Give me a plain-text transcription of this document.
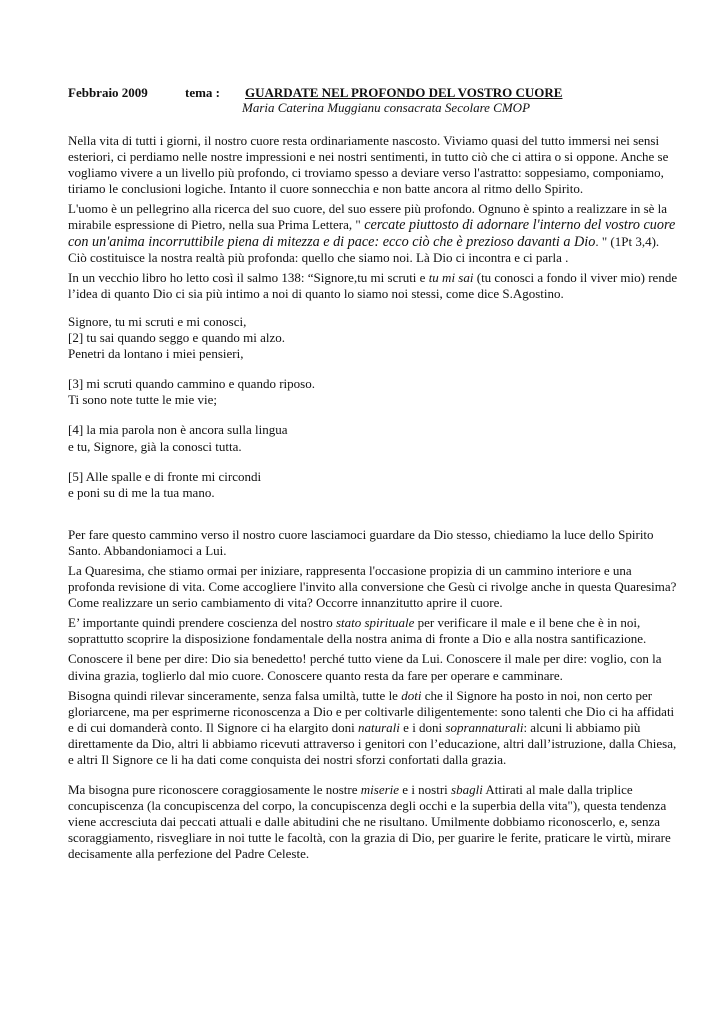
Febbraio 2009	tema : GUARDATE NEL PROFONDO DEL VOSTRO CUORE
Maria Caterina Muggianu consacrata Secolare CMOP

Nella vita di tutti i giorni, il nostro cuore resta ordinariamente nascosto. Viviamo quasi del tutto immersi nei sensi esteriori, ci perdiamo nelle nostre impressioni e nei nostri sentimenti, in tutto ciò che ci attira o si oppone. Anche se vogliamo vivere a un livello più profondo, ci troviamo spesso a deviare verso l'astratto: soppesiamo, componiamo, tiriamo le conclusioni logiche. Intanto il cuore sonnecchia e non batte ancora al ritmo dello Spirito.

L'uomo è un pellegrino alla ricerca del suo cuore, del suo essere più profondo. Ognuno è spinto a realizzare in sè la mirabile espressione di Pietro, nella sua Prima Lettera, " cercate piuttosto di adornare l'interno del vostro cuore con un'anima incorruttibile piena di mitezza e di pace: ecco ciò che è prezioso davanti a Dio. " (1Pt 3,4). Ciò costituisce la nostra realtà più profonda: quello che siamo noi. Là Dio ci incontra e ci parla .

In un vecchio libro ho letto così il salmo 138: “Signore,tu mi scruti e tu mi sai (tu conosci a fondo il viver mio) rende l’idea di quanto Dio ci sia più intimo a noi di quanto lo siamo noi stessi, come dice S.Agostino.

Signore, tu mi scruti e mi conosci,
[2] tu sai quando seggo e quando mi alzo.
Penetri da lontano i miei pensieri,

[3] mi scruti quando cammino e quando riposo.
Ti sono note tutte le mie vie;

[4] la mia parola non è ancora sulla lingua
e tu, Signore, già la conosci tutta.

[5] Alle spalle e di fronte mi circondi
e poni su di me la tua mano.

Per fare questo cammino verso il nostro cuore lasciamoci guardare da Dio stesso, chiediamo la luce dello Spirito Santo. Abbandoniamoci a Lui.

La Quaresima, che stiamo ormai per iniziare, rappresenta l'occasione propizia di un cammino interiore e una profonda revisione di vita. Come accogliere l'invito alla conversione che Gesù ci rivolge anche in questa Quaresima? Come realizzare un serio cambiamento di vita? Occorre innanzitutto aprire il cuore.

E’ importante quindi prendere coscienza del nostro stato spirituale per verificare il male e il bene che è in noi, soprattutto scoprire la disposizione fondamentale della nostra anima di fronte a Dio e alla nostra santificazione.

Conoscere il bene per dire: Dio sia benedetto! perché tutto viene da Lui. Conoscere il male per dire: voglio, con la divina grazia, toglierlo dal mio cuore. Conoscere quanto resta da fare per operare e camminare.

Bisogna quindi rilevar sinceramente, senza falsa umiltà, tutte le doti che il Signore ha posto in noi, non certo per gloriarcene, ma per esprimerne riconoscenza a Dio e per coltivarle diligentemente: sono talenti che Dio ci ha affidati e di cui domanderà conto. Il Signore ci ha elargito doni naturali e i doni soprannaturali: alcuni li abbiamo più direttamente da Dio, altri li abbiamo ricevuti attraverso i genitori con l’educazione, altri dall’istruzione, dalla Chiesa, e altri Il Signore ce li ha dati come conquista dei nostri sforzi confortati dalla grazia.

Ma bisogna pure riconoscere coraggiosamente le nostre miserie e i nostri sbagli Attirati al male dalla triplice concupiscenza (la concupiscenza del corpo, la concupiscenza degli occhi e la superbia della vita"), questa tendenza viene accresciuta dai peccati attuali e dalle abitudini che ne risultano. Umilmente dobbiamo riconoscerlo, e, senza scoraggiamento, risvegliare in noi tutte le facoltà, con la grazia di Dio, per guarire le ferite, praticare le virtù, mirare decisamente alla perfezione del Padre Celeste.
